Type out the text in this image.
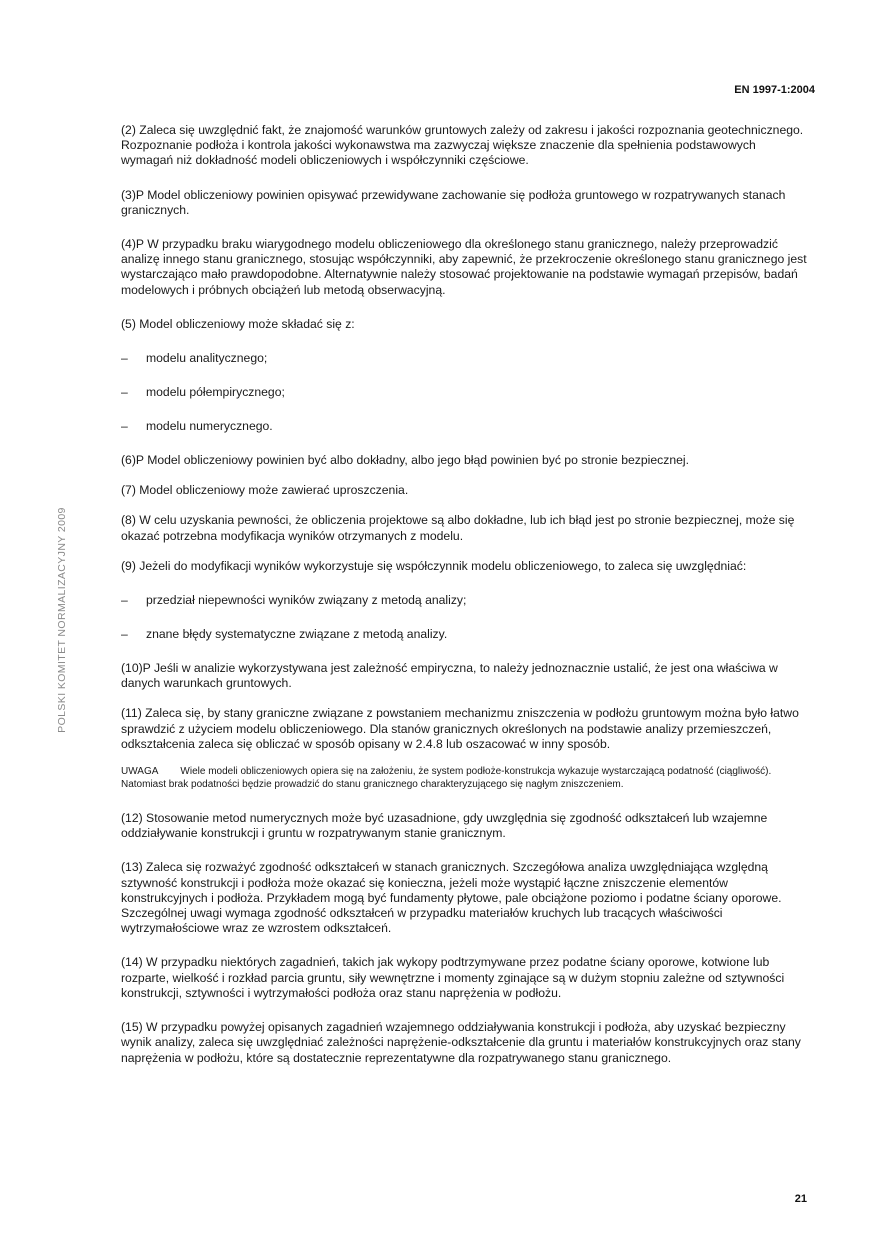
EN 1997-1:2004
POLSKI KOMITET NORMALIZACYJNY 2009

(2) Zaleca się uwzględnić fakt, że znajomość warunków gruntowych zależy od zakresu i jakości rozpoznania geotechnicznego. Rozpoznanie podłoża i kontrola jakości wykonawstwa ma zazwyczaj większe znaczenie dla spełnienia podstawowych wymagań niż dokładność modeli obliczeniowych i współczynniki częściowe.

(3)P Model obliczeniowy powinien opisywać przewidywane zachowanie się podłoża gruntowego w rozpatrywanych stanach granicznych.

(4)P W przypadku braku wiarygodnego modelu obliczeniowego dla określonego stanu granicznego, należy przeprowadzić analizę innego stanu granicznego, stosując współczynniki, aby zapewnić, że przekroczenie określonego stanu granicznego jest wystarczająco mało prawdopodobne. Alternatywnie należy stosować projektowanie na podstawie wymagań przepisów, badań modelowych i próbnych obciążeń lub metodą obserwacyjną.

(5) Model obliczeniowy może składać się z:

–	modelu analitycznego;
–	modelu półempirycznego;
–	modelu numerycznego.

(6)P Model obliczeniowy powinien być albo dokładny, albo jego błąd powinien być po stronie bezpiecznej.

(7) Model obliczeniowy może zawierać uproszczenia.

(8) W celu uzyskania pewności, że obliczenia projektowe są albo dokładne, lub ich błąd jest po stronie bezpiecznej, może się okazać potrzebna modyfikacja wyników otrzymanych z modelu.

(9) Jeżeli do modyfikacji wyników wykorzystuje się współczynnik modelu obliczeniowego, to zaleca się uwzględniać:

–	przedział niepewności wyników związany z metodą analizy;
–	znane błędy systematyczne związane z metodą analizy.

(10)P Jeśli w analizie wykorzystywana jest zależność empiryczna, to należy jednoznacznie ustalić, że jest ona właściwa w danych warunkach gruntowych.

(11) Zaleca się, by stany graniczne związane z powstaniem mechanizmu zniszczenia w podłożu gruntowym można było łatwo sprawdzić z użyciem modelu obliczeniowego. Dla stanów granicznych określonych na podstawie analizy przemieszczeń, odkształcenia zaleca się obliczać w sposób opisany w 2.4.8 lub oszacować w inny sposób.

UWAGA Wiele modeli obliczeniowych opiera się na założeniu, że system podłoże-konstrukcja wykazuje wystarczającą podatność (ciągliwość). Natomiast brak podatności będzie prowadzić do stanu granicznego charakteryzującego się nagłym zniszczeniem.

(12) Stosowanie metod numerycznych może być uzasadnione, gdy uwzględnia się zgodność odkształceń lub wzajemne oddziaływanie konstrukcji i gruntu w rozpatrywanym stanie granicznym.

(13) Zaleca się rozważyć zgodność odkształceń w stanach granicznych. Szczegółowa analiza uwzględniająca względną sztywność konstrukcji i podłoża może okazać się konieczna, jeżeli może wystąpić łączne zniszczenie elementów konstrukcyjnych i podłoża. Przykładem mogą być fundamenty płytowe, pale obciążone poziomo i podatne ściany oporowe. Szczególnej uwagi wymaga zgodność odkształceń w przypadku materiałów kruchych lub tracących właściwości wytrzymałościowe wraz ze wzrostem odkształceń.

(14) W przypadku niektórych zagadnień, takich jak wykopy podtrzymywane przez podatne ściany oporowe, kotwione lub rozparte, wielkość i rozkład parcia gruntu, siły wewnętrzne i momenty zginające są w dużym stopniu zależne od sztywności konstrukcji, sztywności i wytrzymałości podłoża oraz stanu naprężenia w podłożu.

(15) W przypadku powyżej opisanych zagadnień wzajemnego oddziaływania konstrukcji i podłoża, aby uzyskać bezpieczny wynik analizy, zaleca się uwzględniać zależności naprężenie-odkształcenie dla gruntu i materiałów konstrukcyjnych oraz stany naprężenia w podłożu, które są dostatecznie reprezentatywne dla rozpatrywanego stanu granicznego.

21
